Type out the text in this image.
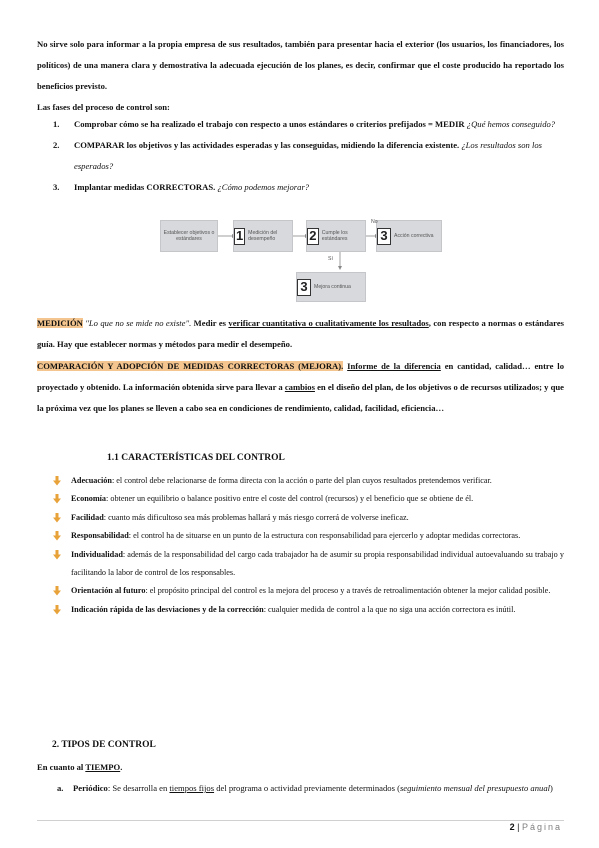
No sirve solo para informar a la propia empresa de sus resultados, también para presentar hacia el exterior (los usuarios, los financiadores, los políticos) de una manera clara y demostrativa la adecuada ejecución de los planes, es decir, confirmar que el coste producido ha reportado los beneficios previsto.
Las fases del proceso de control son:
1. Comprobar cómo se ha realizado el trabajo con respecto a unos estándares o criterios prefijados = MEDIR ¿Qué hemos conseguido?
2. COMPARAR los objetivos y las actividades esperadas y las conseguidas, midiendo la diferencia existente. ¿Los resultados son los esperados?
3. Implantar medidas CORRECTORAS. ¿Cómo podemos mejorar?
Establecer objetivos o estándares	1 Medición del desempeño	2	Cumple los estándares	3	Acción correctiva
No
Sí
3	Mejora continua
MEDICIÓN "Lo que no se mide no existe". Medir es verificar cuantitativa o cualitativamente los resultados, con respecto a normas o estándares guía. Hay que establecer normas y métodos para medir el desempeño.
COMPARACIÓN Y ADOPCIÓN DE MEDIDAS CORRECTORAS (MEJORA). Informe de la diferencia en cantidad, calidad… entre lo proyectado y obtenido. La información obtenida sirve para llevar a cambios en el diseño del plan, de los objetivos o de recursos utilizados; y que la próxima vez que los planes se lleven a cabo sea en condiciones de rendimiento, calidad, facilidad, eficiencia…
1.1 CARACTERÍSTICAS DEL CONTROL
Adecuación: el control debe relacionarse de forma directa con la acción o parte del plan cuyos resultados pretendemos verificar.
Economía: obtener un equilibrio o balance positivo entre el coste del control (recursos) y el beneficio que se obtiene de él.
Facilidad: cuanto más dificultoso sea más problemas hallará y más riesgo correrá de volverse ineficaz.
Responsabilidad: el control ha de situarse en un punto de la estructura con responsabilidad para ejercerlo y adoptar medidas correctoras.
Individualidad: además de la responsabilidad del cargo cada trabajador ha de asumir su propia responsabilidad individual autoevaluando su trabajo y facilitando la labor de control de los responsables.
Orientación al futuro: el propósito principal del control es la mejora del proceso y a través de retroalimentación obtener la mejor calidad posible.
Indicación rápida de las desviaciones y de la corrección: cualquier medida de control a la que no siga una acción correctora es inútil.
2. TIPOS DE CONTROL
En cuanto al TIEMPO.
a. Periódico: Se desarrolla en tiempos fijos del programa o actividad previamente determinados (seguimiento mensual del presupuesto anual)
2 | Página
